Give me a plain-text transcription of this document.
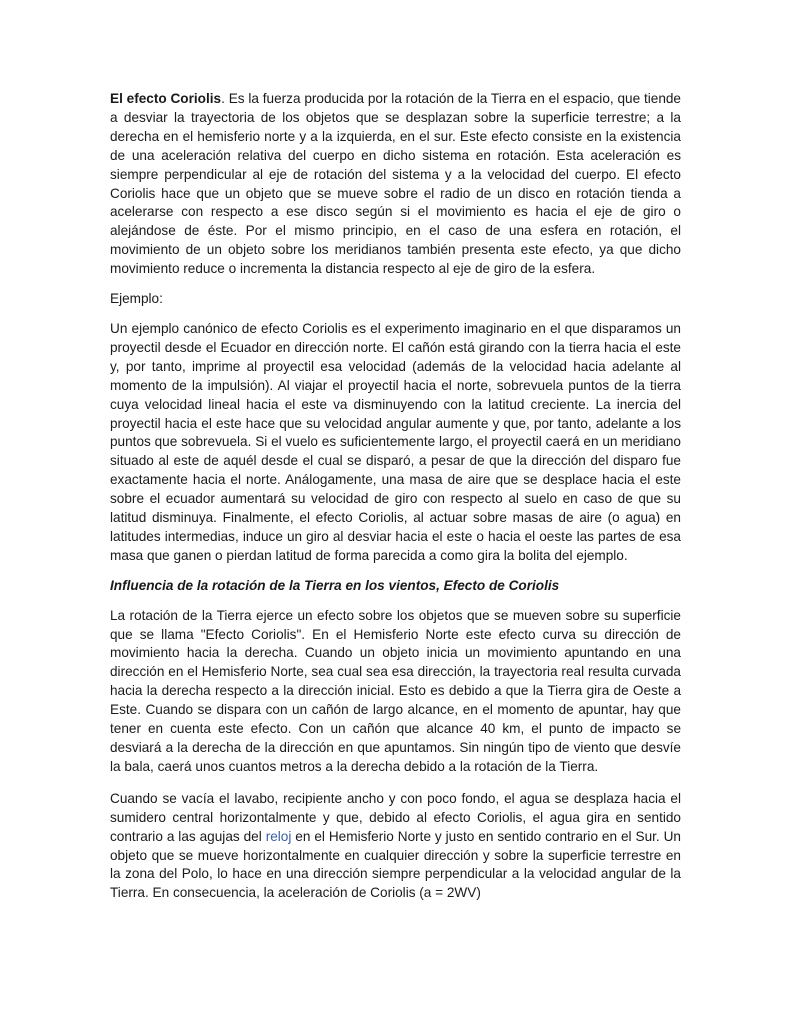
El efecto Coriolis. Es la fuerza producida por la rotación de la Tierra en el espacio, que tiende a desviar la trayectoria de los objetos que se desplazan sobre la superficie terrestre; a la derecha en el hemisferio norte y a la izquierda, en el sur. Este efecto consiste en la existencia de una aceleración relativa del cuerpo en dicho sistema en rotación. Esta aceleración es siempre perpendicular al eje de rotación del sistema y a la velocidad del cuerpo. El efecto Coriolis hace que un objeto que se mueve sobre el radio de un disco en rotación tienda a acelerarse con respecto a ese disco según si el movimiento es hacia el eje de giro o alejándose de éste. Por el mismo principio, en el caso de una esfera en rotación, el movimiento de un objeto sobre los meridianos también presenta este efecto, ya que dicho movimiento reduce o incrementa la distancia respecto al eje de giro de la esfera.

Ejemplo:

Un ejemplo canónico de efecto Coriolis es el experimento imaginario en el que disparamos un proyectil desde el Ecuador en dirección norte. El cañón está girando con la tierra hacia el este y, por tanto, imprime al proyectil esa velocidad (además de la velocidad hacia adelante al momento de la impulsión). Al viajar el proyectil hacia el norte, sobrevuela puntos de la tierra cuya velocidad lineal hacia el este va disminuyendo con la latitud creciente. La inercia del proyectil hacia el este hace que su velocidad angular aumente y que, por tanto, adelante a los puntos que sobrevuela. Si el vuelo es suficientemente largo, el proyectil caerá en un meridiano situado al este de aquél desde el cual se disparó, a pesar de que la dirección del disparo fue exactamente hacia el norte. Análogamente, una masa de aire que se desplace hacia el este sobre el ecuador aumentará su velocidad de giro con respecto al suelo en caso de que su latitud disminuya. Finalmente, el efecto Coriolis, al actuar sobre masas de aire (o agua) en latitudes intermedias, induce un giro al desviar hacia el este o hacia el oeste las partes de esa masa que ganen o pierdan latitud de forma parecida a como gira la bolita del ejemplo.

Influencia de la rotación de la Tierra en los vientos, Efecto de Coriolis

La rotación de la Tierra ejerce un efecto sobre los objetos que se mueven sobre su superficie que se llama "Efecto Coriolis". En el Hemisferio Norte este efecto curva su dirección de movimiento hacia la derecha. Cuando un objeto inicia un movimiento apuntando en una dirección en el Hemisferio Norte, sea cual sea esa dirección, la trayectoria real resulta curvada hacia la derecha respecto a la dirección inicial. Esto es debido a que la Tierra gira de Oeste a Este. Cuando se dispara con un cañón de largo alcance, en el momento de apuntar, hay que tener en cuenta este efecto. Con un cañón que alcance 40 km, el punto de impacto se desviará a la derecha de la dirección en que apuntamos. Sin ningún tipo de viento que desvíe la bala, caerá unos cuantos metros a la derecha debido a la rotación de la Tierra.

Cuando se vacía el lavabo, recipiente ancho y con poco fondo, el agua se desplaza hacia el sumidero central horizontalmente y que, debido al efecto Coriolis, el agua gira en sentido contrario a las agujas del reloj en el Hemisferio Norte y justo en sentido contrario en el Sur. Un objeto que se mueve horizontalmente en cualquier dirección y sobre la superficie terrestre en la zona del Polo, lo hace en una dirección siempre perpendicular a la velocidad angular de la Tierra. En consecuencia, la aceleración de Coriolis (a = 2WV)
